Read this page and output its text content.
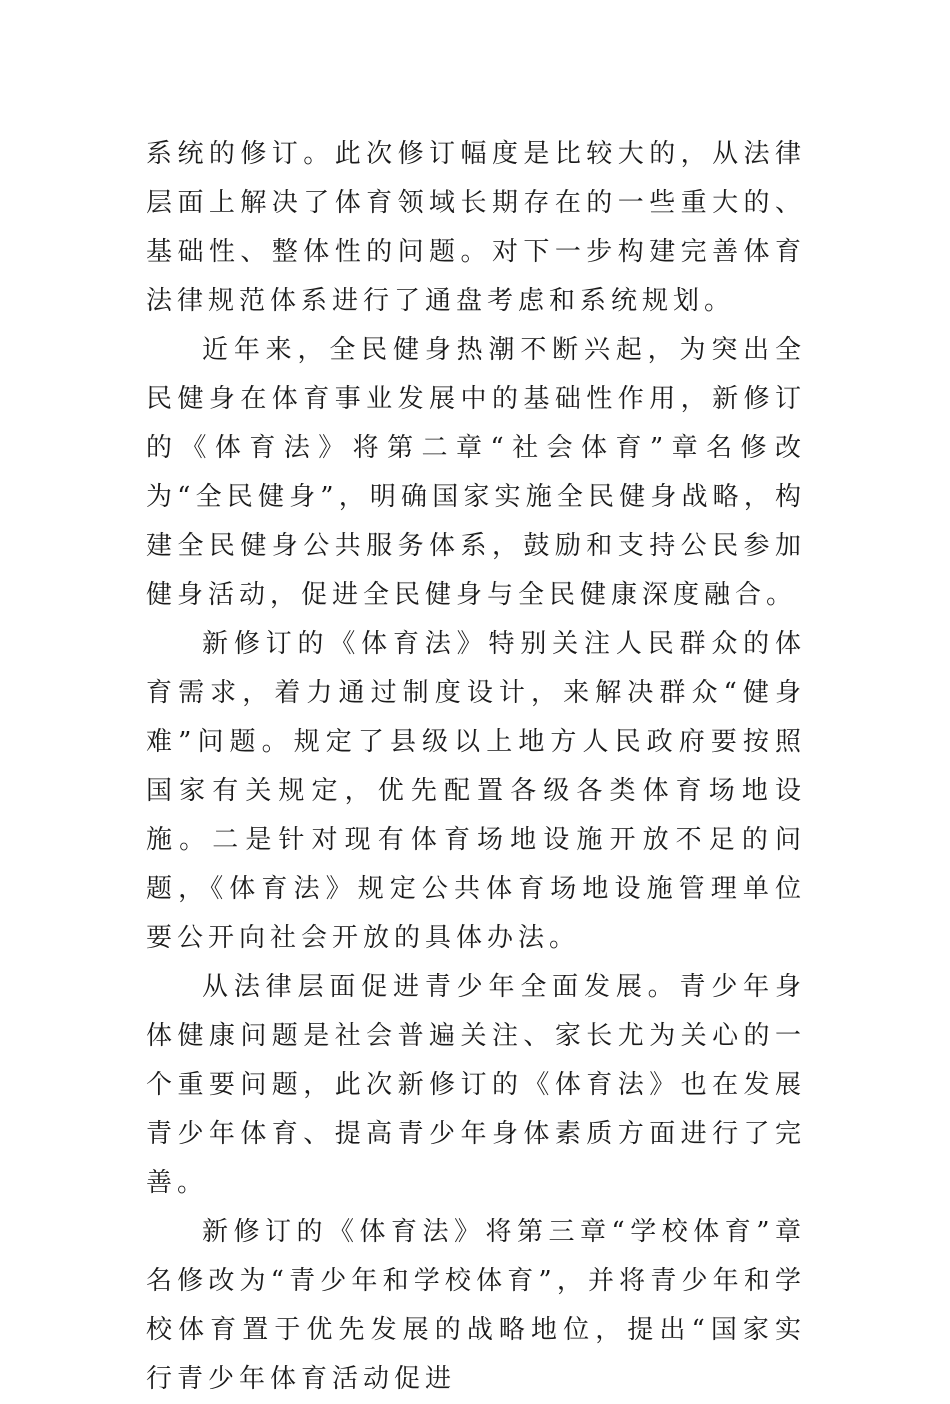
系统的修订。此次修订幅度是比较大的，从法律层面上解决了体育领域长期存在的一些重大的、基础性、整体性的问题。对下一步构建完善体育法律规范体系进行了通盘考虑和系统规划。

近年来，全民健身热潮不断兴起，为突出全民健身在体育事业发展中的基础性作用，新修订的《体育法》将第二章“社会体育”章名修改为“全民健身”，明确国家实施全民健身战略，构建全民健身公共服务体系，鼓励和支持公民参加健身活动，促进全民健身与全民健康深度融合。

新修订的《体育法》特别关注人民群众的体育需求，着力通过制度设计，来解决群众“健身难”问题。规定了县级以上地方人民政府要按照国家有关规定，优先配置各级各类体育场地设施。二是针对现有体育场地设施开放不足的问题，《体育法》规定公共体育场地设施管理单位要公开向社会开放的具体办法。

从法律层面促进青少年全面发展。青少年身体健康问题是社会普遍关注、家长尤为关心的一个重要问题，此次新修订的《体育法》也在发展青少年体育、提高青少年身体素质方面进行了完善。

新修订的《体育法》将第三章“学校体育”章名修改为“青少年和学校体育”，并将青少年和学校体育置于优先发展的战略地位，提出“国家实行青少年体育活动促进
